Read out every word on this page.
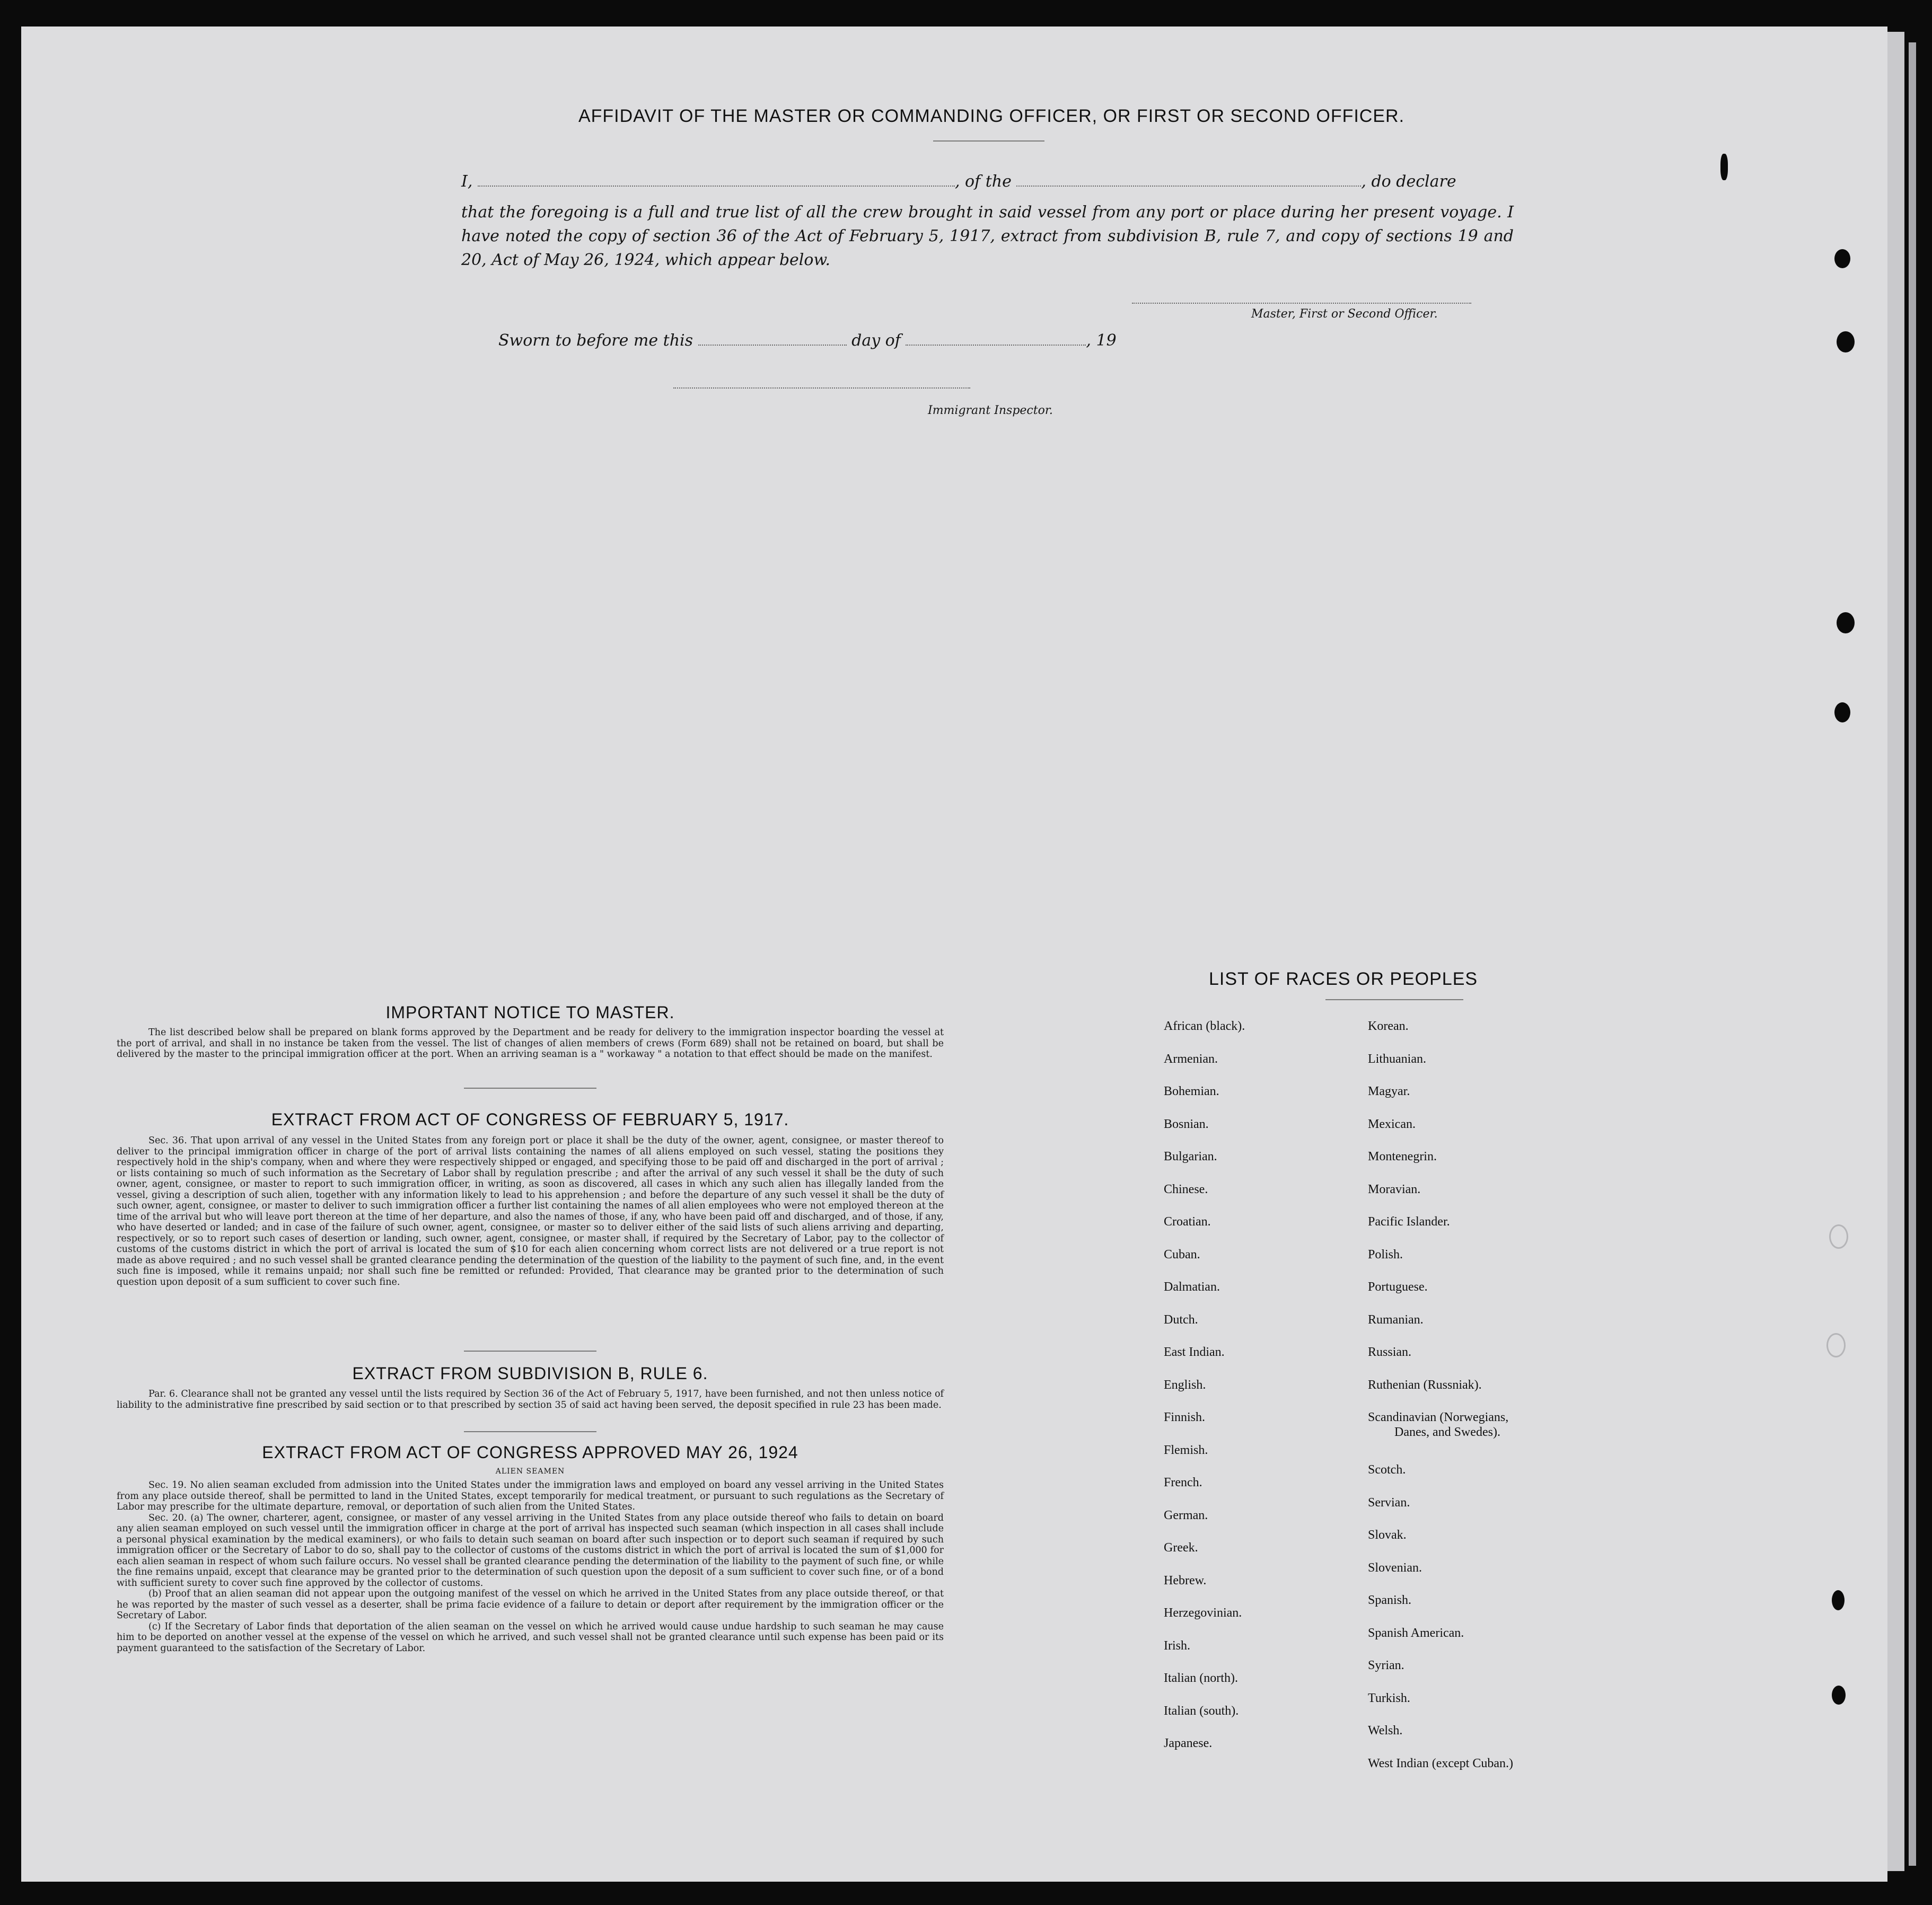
AFFIDAVIT OF THE MASTER OR COMMANDING OFFICER, OR FIRST OR SECOND OFFICER.
I,	, of the	, do declare
that the foregoing is a full and true list of all the crew brought in said vessel from any port or place during her present voyage. I have noted the copy of section 36 of the Act of February 5, 1917, extract from subdivision B, rule 7, and copy of sections 19 and 20, Act of May 26, 1924, which appear below.
Master, First or Second Officer.
Sworn to before me this	day of	, 19
Immigrant Inspector.
IMPORTANT NOTICE TO MASTER.

The list described below shall be prepared on blank forms approved by the Department and be ready for delivery to the immigration inspector boarding the vessel at the port of arrival, and shall in no instance be taken from the vessel. The list of changes of alien members of crews (Form 689) shall not be retained on board, but shall be delivered by the master to the principal immigration officer at the port. When an arriving seaman is a " workaway " a notation to that effect should be made on the manifest.

EXTRACT FROM ACT OF CONGRESS OF FEBRUARY 5, 1917.

Sec. 36. That upon arrival of any vessel in the United States from any foreign port or place it shall be the duty of the owner, agent, consignee, or master thereof to deliver to the principal immigration officer in charge of the port of arrival lists containing the names of all aliens employed on such vessel, stating the positions they respectively hold in the ship's company, when and where they were respectively shipped or engaged, and specifying those to be paid off and discharged in the port of arrival ; or lists containing so much of such information as the Secretary of Labor shall by regulation prescribe ; and after the arrival of any such vessel it shall be the duty of such owner, agent, consignee, or master to report to such immigration officer, in writing, as soon as discovered, all cases in which any such alien has illegally landed from the vessel, giving a description of such alien, together with any information likely to lead to his apprehension ; and before the departure of any such vessel it shall be the duty of such owner, agent, consignee, or master to deliver to such immigration officer a further list containing the names of all alien employees who were not employed thereon at the time of the arrival but who will leave port thereon at the time of her departure, and also the names of those, if any, who have been paid off and discharged, and of those, if any, who have deserted or landed; and in case of the failure of such owner, agent, consignee, or master so to deliver either of the said lists of such aliens arriving and departing, respectively, or so to report such cases of desertion or landing, such owner, agent, consignee, or master shall, if required by the Secretary of Labor, pay to the collector of customs of the customs district in which the port of arrival is located the sum of $10 for each alien concerning whom correct lists are not delivered or a true report is not made as above required ; and no such vessel shall be granted clearance pending the determination of the question of the liability to the payment of such fine, and, in the event such fine is imposed, while it remains unpaid; nor shall such fine be remitted or refunded: Provided, That clearance may be granted prior to the determination of such question upon deposit of a sum sufficient to cover such fine.

EXTRACT FROM SUBDIVISION B, RULE 6.

Par. 6. Clearance shall not be granted any vessel until the lists required by Section 36 of the Act of February 5, 1917, have been furnished, and not then unless notice of liability to the administrative fine prescribed by said section or to that prescribed by section 35 of said act having been served, the deposit specified in rule 23 has been made.

EXTRACT FROM ACT OF CONGRESS APPROVED MAY 26, 1924
ALIEN SEAMEN

Sec. 19. No alien seaman excluded from admission into the United States under the immigration laws and employed on board any vessel arriving in the United States from any place outside thereof, shall be permitted to land in the United States, except temporarily for medical treatment, or pursuant to such regulations as the Secretary of Labor may prescribe for the ultimate departure, removal, or deportation of such alien from the United States.

Sec. 20. (a) The owner, charterer, agent, consignee, or master of any vessel arriving in the United States from any place outside thereof who fails to detain on board any alien seaman employed on such vessel until the immigration officer in charge at the port of arrival has inspected such seaman (which inspection in all cases shall include a personal physical examination by the medical examiners), or who fails to detain such seaman on board after such inspection or to deport such seaman if required by such immigration officer or the Secretary of Labor to do so, shall pay to the collector of customs of the customs district in which the port of arrival is located the sum of $1,000 for each alien seaman in respect of whom such failure occurs. No vessel shall be granted clearance pending the determination of the liability to the payment of such fine, or while the fine remains unpaid, except that clearance may be granted prior to the determination of such question upon the deposit of a sum sufficient to cover such fine, or of a bond with sufficient surety to cover such fine approved by the collector of customs.

(b) Proof that an alien seaman did not appear upon the outgoing manifest of the vessel on which he arrived in the United States from any place outside thereof, or that he was reported by the master of such vessel as a deserter, shall be prima facie evidence of a failure to detain or deport after requirement by the immigration officer or the Secretary of Labor.

(c) If the Secretary of Labor finds that deportation of the alien seaman on the vessel on which he arrived would cause undue hardship to such seaman he may cause him to be deported on another vessel at the expense of the vessel on which he arrived, and such vessel shall not be granted clearance until such expense has been paid or its payment guaranteed to the satisfaction of the Secretary of Labor.

LIST OF RACES OR PEOPLES
African (black).
Armenian.
Bohemian.
Bosnian.
Bulgarian.
Chinese.
Croatian.
Cuban.
Dalmatian.
Dutch.
East Indian.
English.
Finnish.
Flemish.
French.
German.
Greek.
Hebrew.
Herzegovinian.
Irish.
Italian (north).
Italian (south).
Japanese.
Korean.
Lithuanian.
Magyar.
Mexican.
Montenegrin.
Moravian.
Pacific Islander.
Polish.
Portuguese.
Rumanian.
Russian.
Ruthenian (Russniak).
Scandinavian (Norwegians,
Danes, and Swedes).
Scotch.
Servian.
Slovak.
Slovenian.
Spanish.
Spanish American.
Syrian.
Turkish.
Welsh.
West Indian (except Cuban.)
